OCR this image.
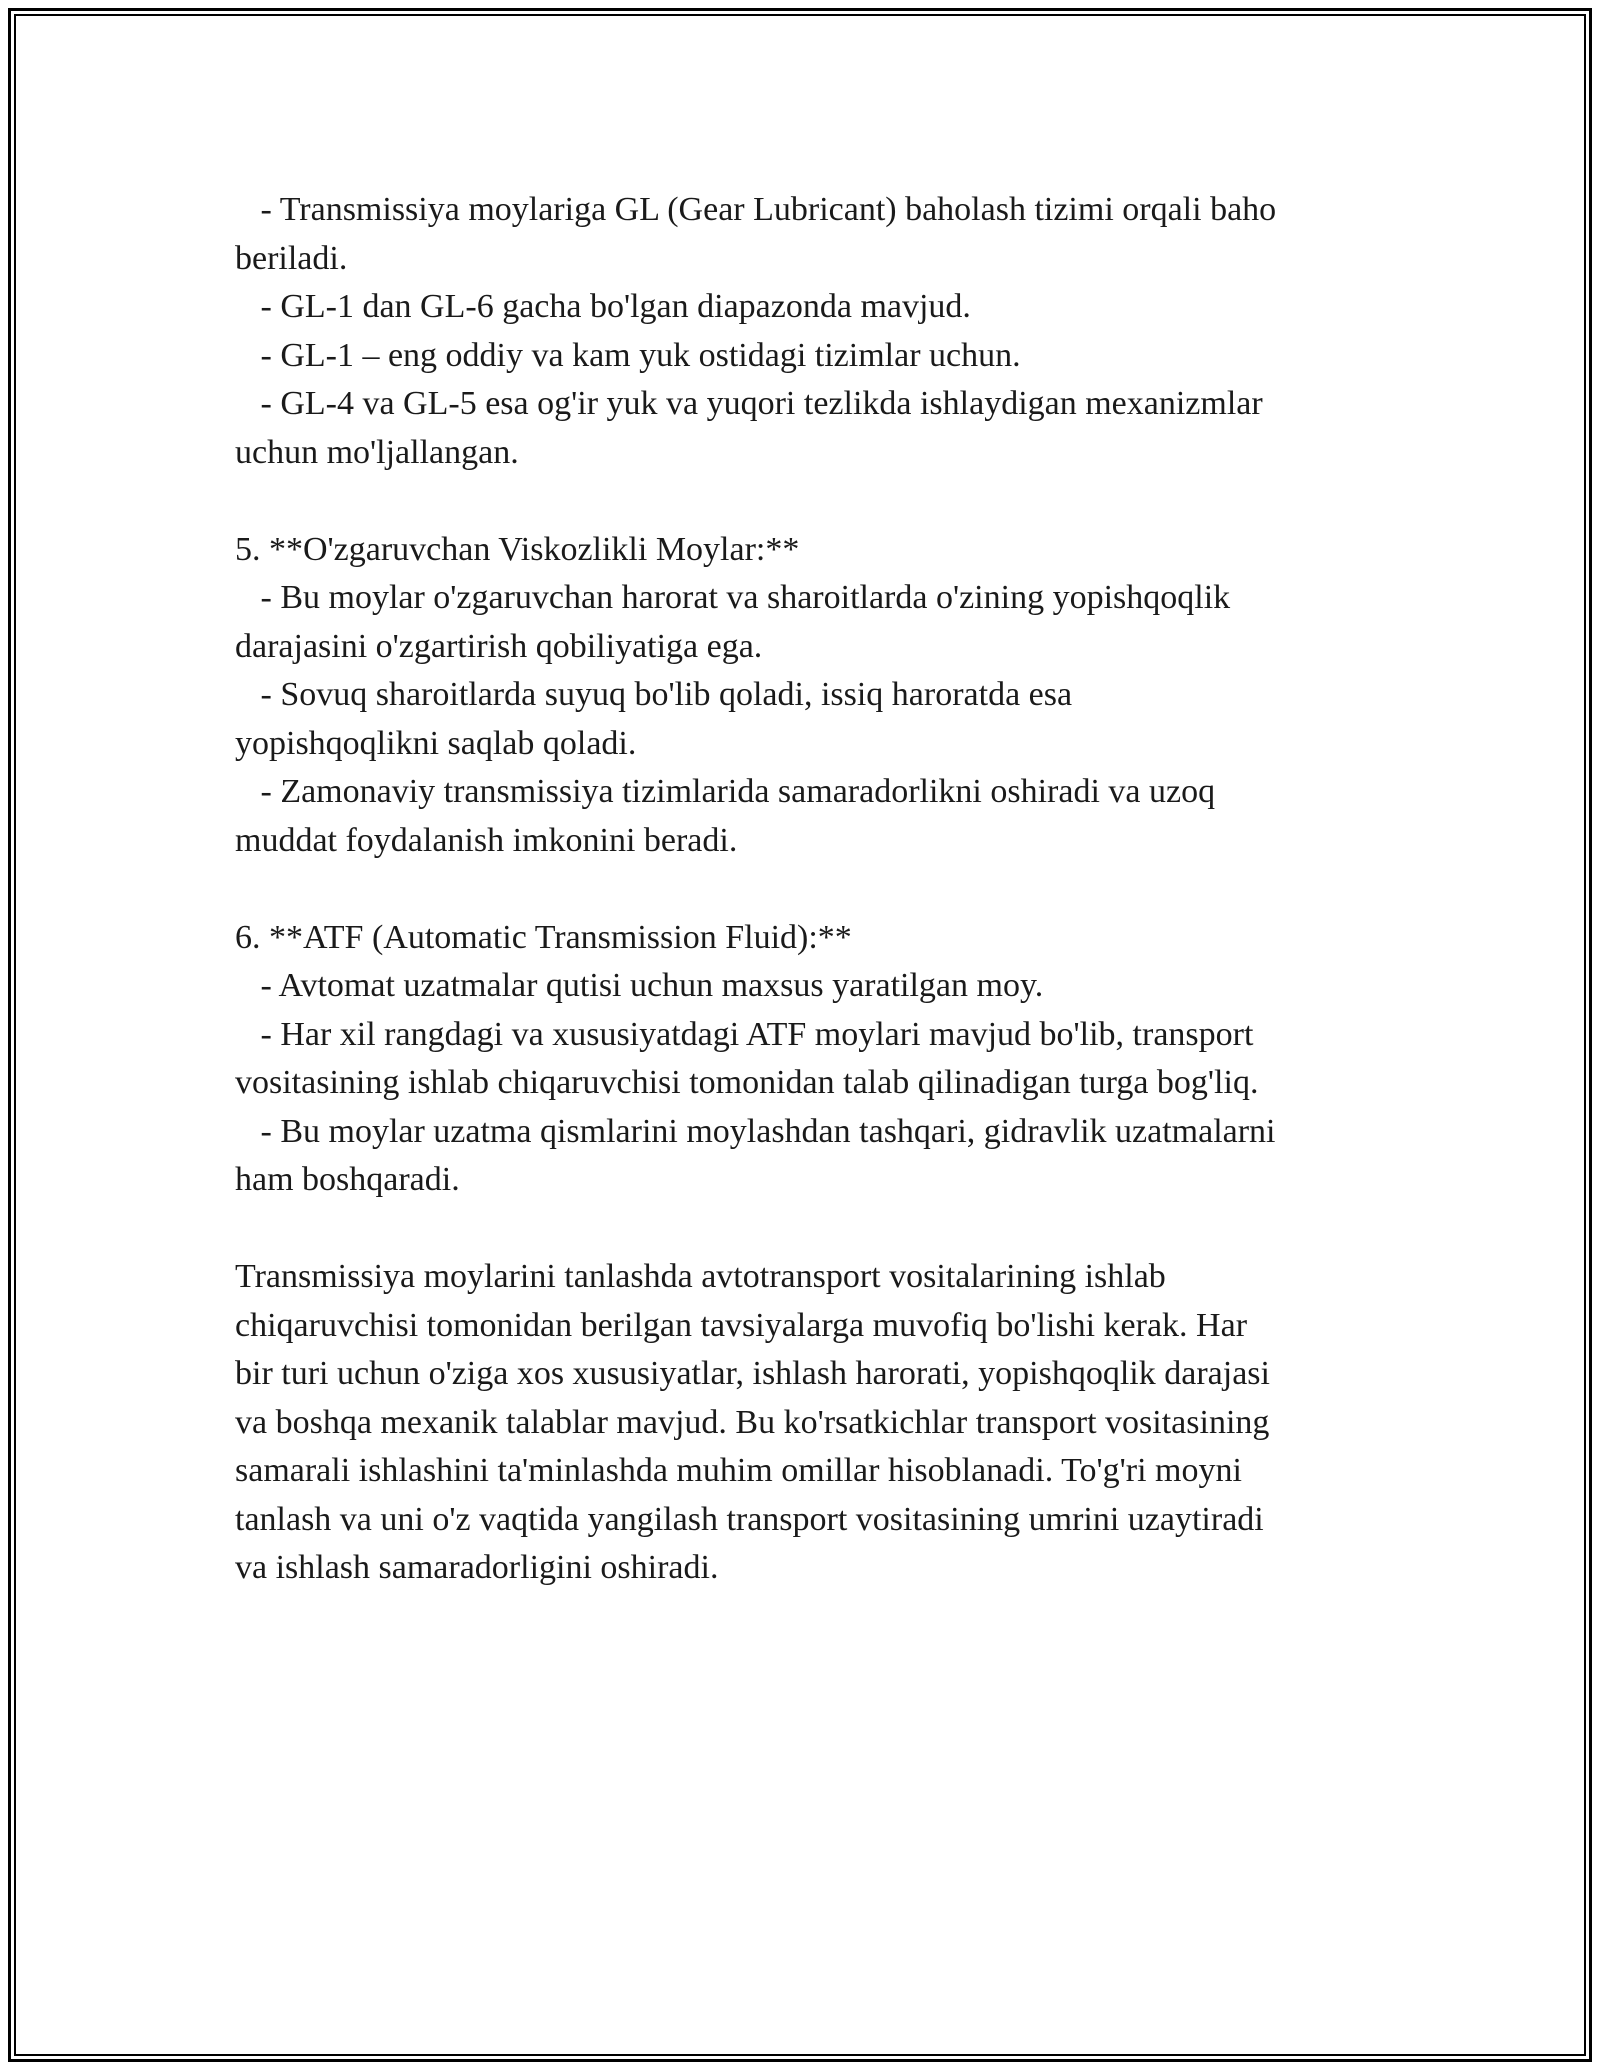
- Transmissiya moylariga GL (Gear Lubricant) baholash tizimi orqali baho
beriladi.
- GL-1 dan GL-6 gacha bo'lgan diapazonda mavjud.
- GL-1 – eng oddiy va kam yuk ostidagi tizimlar uchun.
- GL-4 va GL-5 esa og'ir yuk va yuqori tezlikda ishlaydigan mexanizmlar
uchun mo'ljallangan.
5. **O'zgaruvchan Viskozlikli Moylar:**
- Bu moylar o'zgaruvchan harorat va sharoitlarda o'zining yopishqoqlik
darajasini o'zgartirish qobiliyatiga ega.
- Sovuq sharoitlarda suyuq bo'lib qoladi, issiq haroratda esa
yopishqoqlikni saqlab qoladi.
- Zamonaviy transmissiya tizimlarida samaradorlikni oshiradi va uzoq
muddat foydalanish imkonini beradi.
6. **ATF (Automatic Transmission Fluid):**
- Avtomat uzatmalar qutisi uchun maxsus yaratilgan moy.
- Har xil rangdagi va xususiyatdagi ATF moylari mavjud bo'lib, transport
vositasining ishlab chiqaruvchisi tomonidan talab qilinadigan turga bog'liq.
- Bu moylar uzatma qismlarini moylashdan tashqari, gidravlik uzatmalarni
ham boshqaradi.
Transmissiya moylarini tanlashda avtotransport vositalarining ishlab
chiqaruvchisi tomonidan berilgan tavsiyalarga muvofiq bo'lishi kerak. Har
bir turi uchun o'ziga xos xususiyatlar, ishlash harorati, yopishqoqlik darajasi
va boshqa mexanik talablar mavjud. Bu ko'rsatkichlar transport vositasining
samarali ishlashini ta'minlashda muhim omillar hisoblanadi. To'g'ri moyni
tanlash va uni o'z vaqtida yangilash transport vositasining umrini uzaytiradi
va ishlash samaradorligini oshiradi.
